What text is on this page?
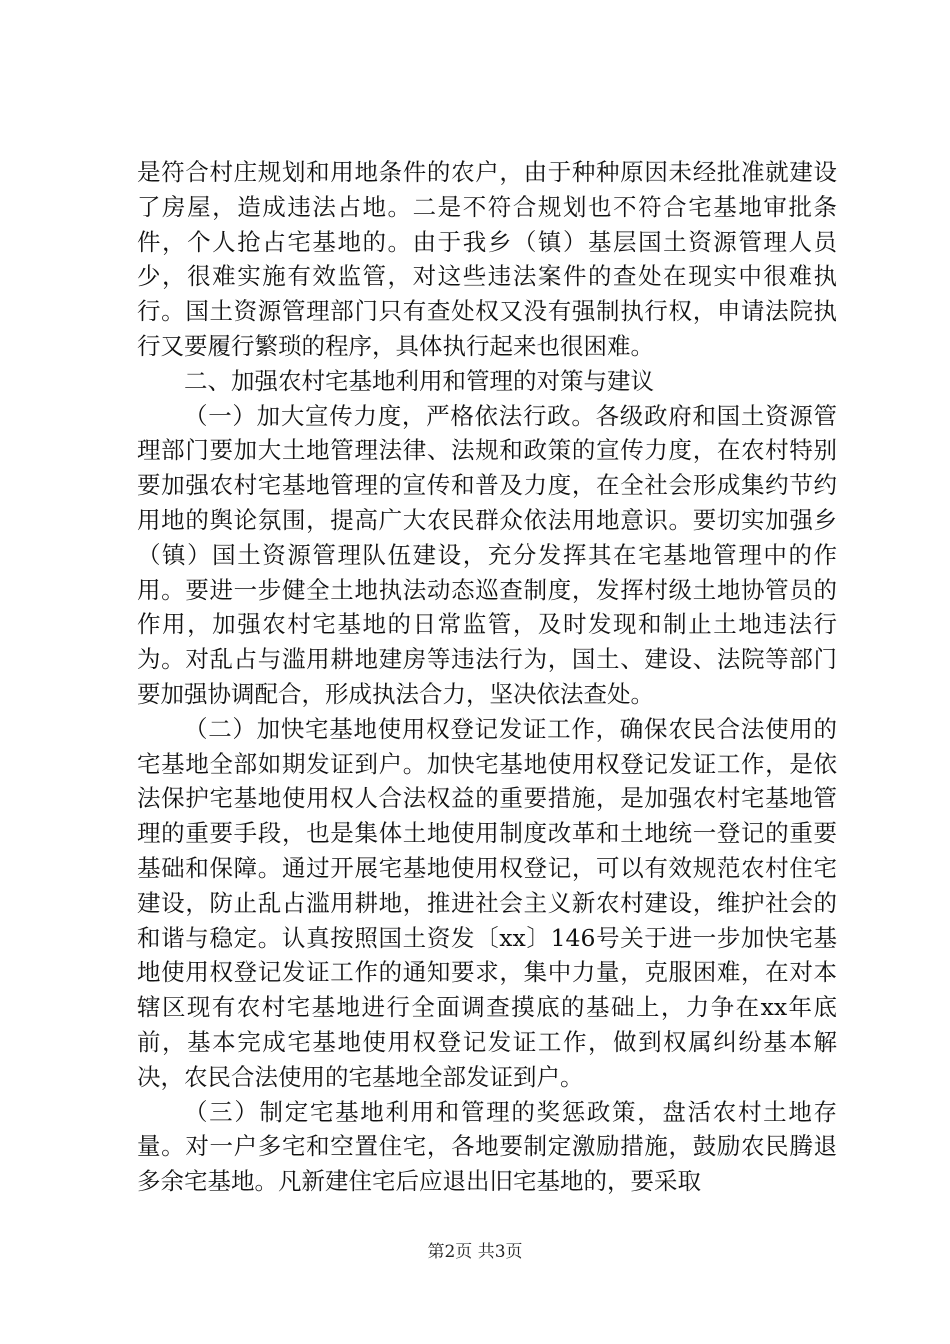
是符合村庄规划和用地条件的农户，由于种种原因未经批准就建设了房屋，造成违法占地。二是不符合规划也不符合宅基地审批条件，个人抢占宅基地的。由于我乡（镇）基层国土资源管理人员少，很难实施有效监管，对这些违法案件的查处在现实中很难执行。国土资源管理部门只有查处权又没有强制执行权，申请法院执行又要履行繁琐的程序，具体执行起来也很困难。

二、加强农村宅基地利用和管理的对策与建议

（一）加大宣传力度，严格依法行政。各级政府和国土资源管理部门要加大土地管理法律、法规和政策的宣传力度，在农村特别要加强农村宅基地管理的宣传和普及力度，在全社会形成集约节约用地的舆论氛围，提高广大农民群众依法用地意识。要切实加强乡（镇）国土资源管理队伍建设，充分发挥其在宅基地管理中的作用。要进一步健全土地执法动态巡查制度，发挥村级土地协管员的作用，加强农村宅基地的日常监管，及时发现和制止土地违法行为。对乱占与滥用耕地建房等违法行为，国土、建设、法院等部门要加强协调配合，形成执法合力，坚决依法查处。

（二）加快宅基地使用权登记发证工作，确保农民合法使用的宅基地全部如期发证到户。加快宅基地使用权登记发证工作，是依法保护宅基地使用权人合法权益的重要措施，是加强农村宅基地管理的重要手段，也是集体土地使用制度改革和土地统一登记的重要基础和保障。通过开展宅基地使用权登记，可以有效规范农村住宅建设，防止乱占滥用耕地，推进社会主义新农村建设，维护社会的和谐与稳定。认真按照国土资发〔xx〕146号关于进一步加快宅基地使用权登记发证工作的通知要求，集中力量，克服困难，在对本辖区现有农村宅基地进行全面调查摸底的基础上，力争在xx年底前，基本完成宅基地使用权登记发证工作，做到权属纠纷基本解决，农民合法使用的宅基地全部发证到户。

（三）制定宅基地利用和管理的奖惩政策，盘活农村土地存量。对一户多宅和空置住宅，各地要制定激励措施，鼓励农民腾退多余宅基地。凡新建住宅后应退出旧宅基地的，要采取

第2页 共3页
